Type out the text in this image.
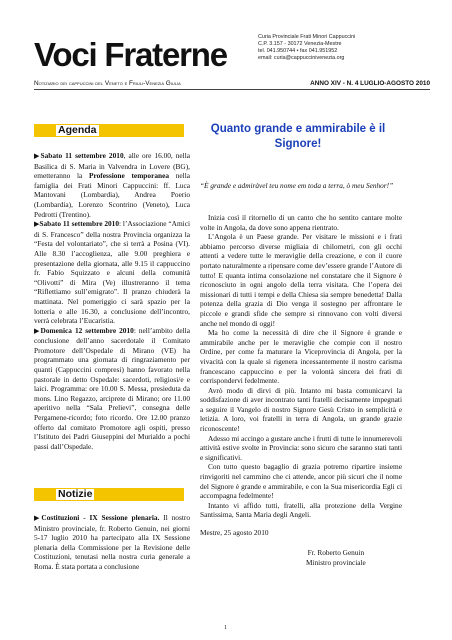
Voci Fraterne	Curia Provinciale Frati Minori Cappuccini
C.P. 3.157 - 30172 Venezia-Mestre
tel. 041.950744 • fax 041.951952
email: curia@cappuccinivenezia.org
Notiziario dei cappuccini del Veneto e Friuli-Venezia Giulia	ANNO XIV - N. 4 LUGLIO-AGOSTO 2010
Agenda

▶Sabato 11 settembre 2010, alle ore 16.00, nella Basilica di S. Maria in Valvendra in Lovere (BG), emetteranno la Professione temporanea nella famiglia dei Frati Minori Cappuccini: ff. Luca Mantovani (Lombardia), Andrea Poerio (Lombardia), Lorenzo Scontrino (Veneto), Luca Pedrotti (Trentino).

▶Sabato 11 settembre 2010: l’Associazione “Amici di S. Francesco” della nostra Provincia organizza la “Festa del volontariato”, che si terrà a Posina (VI). Alle 8.30 l’accoglienza, alle 9.00 preghiera e presentazione della giornata, alle 9.15 il cappuccino fr. Fabio Squizzato e alcuni della comunità “Olivotti” di Mira (Ve) illustreranno il tema “Riflettiamo sull’emigrato”. Il pranzo chiuderà la mattinata. Nel pomeriggio ci sarà spazio per la lotteria e alle 16.30, a conclusione dell’incontro, verrà celebrata l’Eucaristia.

▶Domenica 12 settembre 2010: nell’ambito della conclusione dell’anno sacerdotale il Comitato Promotore dell’Ospedale di Mirano (VE) ha programmato una giornata di ringraziamento per quanti (Cappuccini compresi) hanno favorato nella pastorale in detto Ospedale: sacerdoti, religiosi/e e laici. Programma: ore 10.00 S. Messa, presieduta da mons. Lino Regazzo, arciprete di Mirano; ore 11.00 aperitivo nella “Sala Prelievi”, consegna delle Pergamene-ricordo; foto ricordo. Ore 12.00 pranzo offerto dal comitato Promotore agli ospiti, presso l’Istituto dei Padri Giuseppini del Murialdo a pochi passi dall’Ospedale.

Notizie

▶Costituzioni - IX Sessione plenaria. Il nostro Ministro provinciale, fr. Roberto Genuin, nei giorni 5-17 luglio 2010 ha partecipato alla IX Sessione plenaria della Commissione per la Revisione delle Costituzioni, tenutasi nella nostra curia generale a Roma. È stata portata a conclusione

Quanto grande e ammirabile è il Signore!
“È grande e admiràvel teu nome em toda a terra, ò meu Senhor!”

Inizia così il ritornello di un canto che ho sentito cantare molte volte in Angola, da dove sono appena rientrato.

L’Angola è un Paese grande. Per visitare le missioni e i frati abbiamo percorso diverse migliaia di chilometri, con gli occhi attenti a vedere tutte le meraviglie della creazione, e con il cuore portato naturalmente a ripensare come dev’essere grande l’Autore di tutto! E quanta intima consolazione nel constatare che il Signore è riconosciuto in ogni angolo della terra visitata. Che l’opera dei missionari di tutti i tempi e della Chiesa sia sempre benedetta! Dalla potenza della grazia di Dio venga il sostegno per affrontare le piccole e grandi sfide che sempre si rinnovano con volti diversi anche nel mondo di oggi!

Ma ho come la necessità di dire che il Signore è grande e ammirabile anche per le meraviglie che compie con il nostro Ordine, per come fa maturare la Viceprovincia di Angola, per la vivacità con la quale si rigenera incessantemente il nostro carisma francescano cappuccino e per la volontà sincera dei frati di corrispondervi fedelmente.

Avrò modo di dirvi di più. Intanto mi basta comunicarvi la soddisfazione di aver incontrato tanti fratelli decisamente impegnati a seguire il Vangelo di nostro Signore Gesù Cristo in semplicità e letizia. A loro, voi fratelli in terra di Angola, un grande grazie riconoscente!

Adesso mi accingo a gustare anche i frutti di tutte le innumerevoli attività estive svolte in Provincia: sono sicuro che saranno stati tanti e significativi.

Con tutto questo bagaglio di grazia potremo ripartire insieme rinvigoriti nel cammino che ci attende, ancor più sicuri che il nome del Signore è grande e ammirabile, e con la Sua misericordia Egli ci accompagna fedelmente!

Intanto vi affido tutti, fratelli, alla protezione della Vergine Santissima, Santa Maria degli Angeli.

Mestre, 25 agosto 2010
Fr. Roberto Genuin
Ministro provinciale
1
